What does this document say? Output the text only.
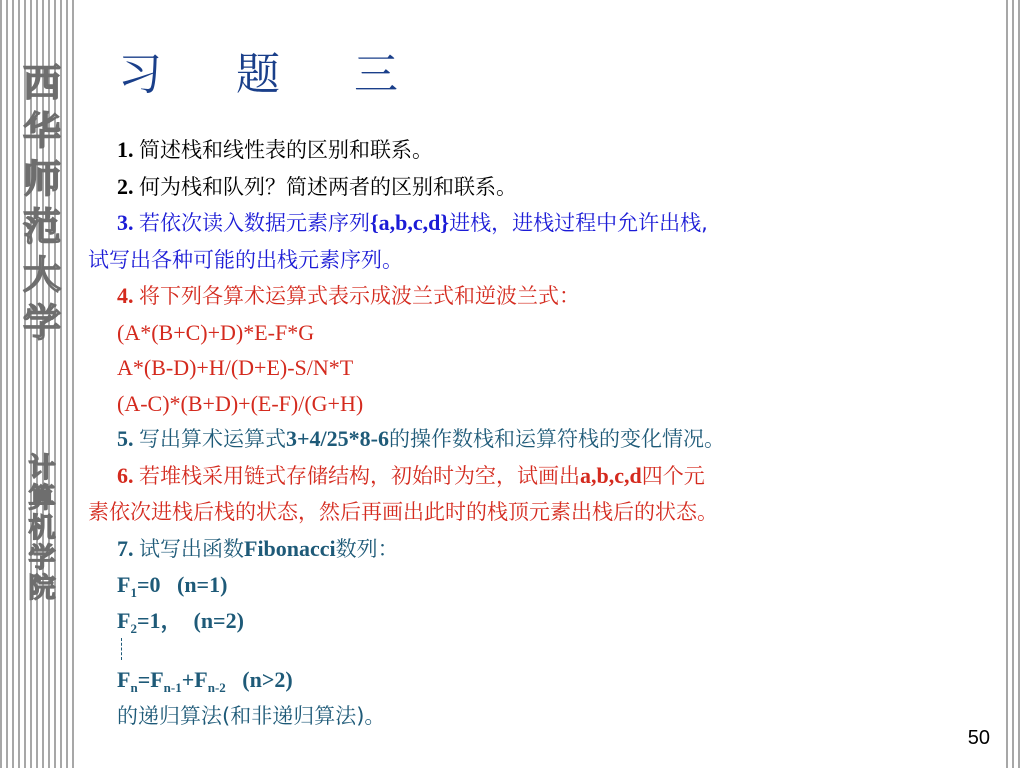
西
华
师
范
大
学
计
算
机
学
院
习 题 三
1. 简述栈和线性表的区别和联系。
2. 何为栈和队列？简述两者的区别和联系。
3. 若依次读入数据元素序列{a,b,c,d}进栈，进栈过程中允许出栈,
试写出各种可能的出栈元素序列。
4. 将下列各算术运算式表示成波兰式和逆波兰式：
(A*(B+C)+D)*E-F*G
A*(B-D)+H/(D+E)-S/N*T
(A-C)*(B+D)+(E-F)/(G+H)
5. 写出算术运算式3+4/25*8-6的操作数栈和运算符栈的变化情况。
6. 若堆栈采用链式存储结构，初始时为空，试画出a,b,c,d四个元
素依次进栈后栈的状态，然后再画出此时的栈顶元素出栈后的状态。
7. 试写出函数Fibonacci数列：
$F_1=0$   (n=1)
$F_2=1$，  (n=2)
$F_n=F_{n-1}+F_{n-2}$   (n>2)
的递归算法(和非递归算法)。
50
